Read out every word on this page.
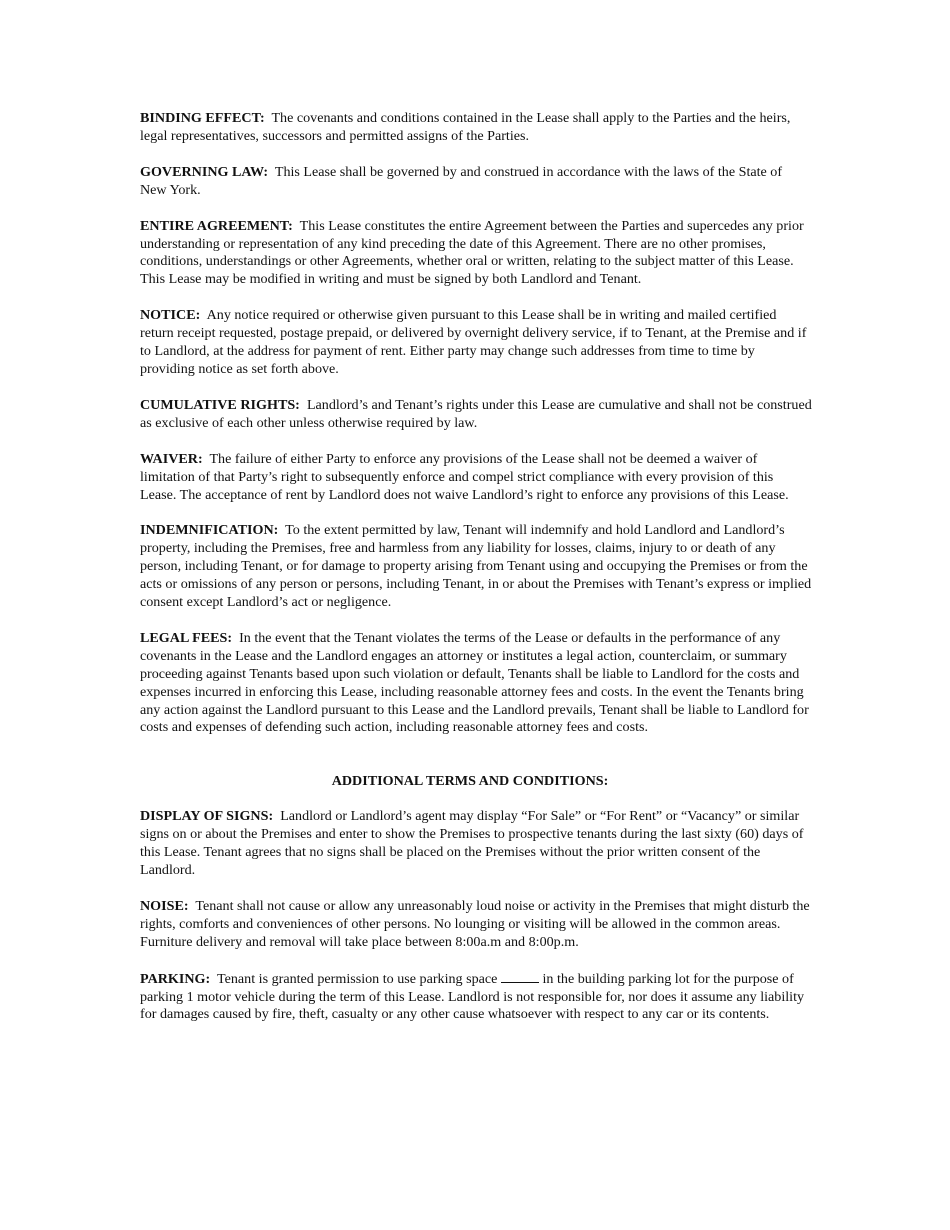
BINDING EFFECT: The covenants and conditions contained in the Lease shall apply to the Parties and the heirs, legal representatives, successors and permitted assigns of the Parties.

GOVERNING LAW: This Lease shall be governed by and construed in accordance with the laws of the State of New York.

ENTIRE AGREEMENT: This Lease constitutes the entire Agreement between the Parties and supercedes any prior understanding or representation of any kind preceding the date of this Agreement. There are no other promises, conditions, understandings or other Agreements, whether oral or written, relating to the subject matter of this Lease. This Lease may be modified in writing and must be signed by both Landlord and Tenant.

NOTICE: Any notice required or otherwise given pursuant to this Lease shall be in writing and mailed certified return receipt requested, postage prepaid, or delivered by overnight delivery service, if to Tenant, at the Premise and if to Landlord, at the address for payment of rent. Either party may change such addresses from time to time by providing notice as set forth above.

CUMULATIVE RIGHTS: Landlord’s and Tenant’s rights under this Lease are cumulative and shall not be construed as exclusive of each other unless otherwise required by law.

WAIVER: The failure of either Party to enforce any provisions of the Lease shall not be deemed a waiver of limitation of that Party’s right to subsequently enforce and compel strict compliance with every provision of this Lease. The acceptance of rent by Landlord does not waive Landlord’s right to enforce any provisions of this Lease.

INDEMNIFICATION: To the extent permitted by law, Tenant will indemnify and hold Landlord and Landlord’s property, including the Premises, free and harmless from any liability for losses, claims, injury to or death of any person, including Tenant, or for damage to property arising from Tenant using and occupying the Premises or from the acts or omissions of any person or persons, including Tenant, in or about the Premises with Tenant’s express or implied consent except Landlord’s act or negligence.

LEGAL FEES: In the event that the Tenant violates the terms of the Lease or defaults in the performance of any covenants in the Lease and the Landlord engages an attorney or institutes a legal action, counterclaim, or summary proceeding against Tenants based upon such violation or default, Tenants shall be liable to Landlord for the costs and expenses incurred in enforcing this Lease, including reasonable attorney fees and costs. In the event the Tenants bring any action against the Landlord pursuant to this Lease and the Landlord prevails, Tenant shall be liable to Landlord for costs and expenses of defending such action, including reasonable attorney fees and costs.

ADDITIONAL TERMS AND CONDITIONS:

DISPLAY OF SIGNS: Landlord or Landlord’s agent may display “For Sale” or “For Rent” or “Vacancy” or similar signs on or about the Premises and enter to show the Premises to prospective tenants during the last sixty (60) days of this Lease. Tenant agrees that no signs shall be placed on the Premises without the prior written consent of the Landlord.

NOISE: Tenant shall not cause or allow any unreasonably loud noise or activity in the Premises that might disturb the rights, comforts and conveniences of other persons. No lounging or visiting will be allowed in the common areas. Furniture delivery and removal will take place between 8:00a.m and 8:00p.m.

PARKING: Tenant is granted permission to use parking space	in the building parking lot for the purpose of parking 1 motor vehicle during the term of this Lease. Landlord is not responsible for, nor does it assume any liability for damages caused by fire, theft, casualty or any other cause whatsoever with respect to any car or its contents.
